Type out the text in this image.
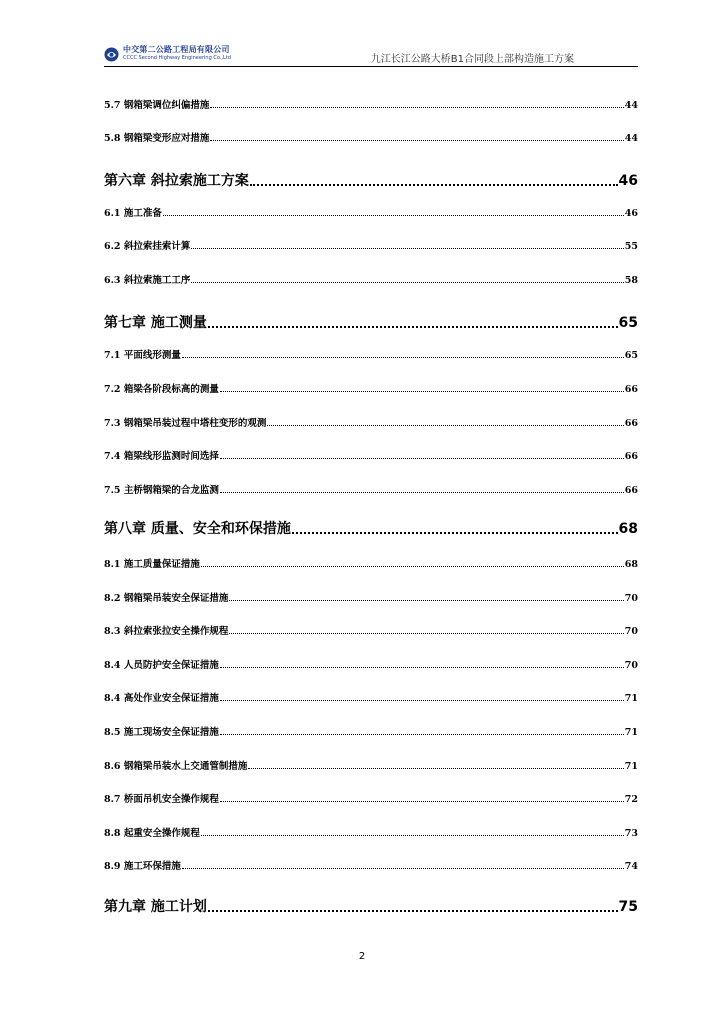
中交第二公路工程局有限公司
CCCC Second Highway Engineering Co.,Ltd	九江长江公路大桥B1合同段上部构造施工方案
5.7 钢箱梁调位纠偏措施	44
5.8 钢箱梁变形应对措施	44
第六章 斜拉索施工方案	46
6.1 施工准备	46
6.2 斜拉索挂索计算	55
6.3 斜拉索施工工序	58
第七章 施工测量	65
7.1 平面线形测量	65
7.2 箱梁各阶段标高的测量	66
7.3 钢箱梁吊装过程中塔柱变形的观测	66
7.4 箱梁线形监测时间选择	66
7.5 主桥钢箱梁的合龙监测	66
第八章 质量、安全和环保措施	68
8.1 施工质量保证措施	68
8.2 钢箱梁吊装安全保证措施	70
8.3 斜拉索张拉安全操作规程	70
8.4 人员防护安全保证措施	70
8.4 高处作业安全保证措施	71
8.5 施工现场安全保证措施	71
8.6 钢箱梁吊装水上交通管制措施	71
8.7 桥面吊机安全操作规程	72
8.8 起重安全操作规程	73
8.9 施工环保措施	74
第九章 施工计划	75
2
